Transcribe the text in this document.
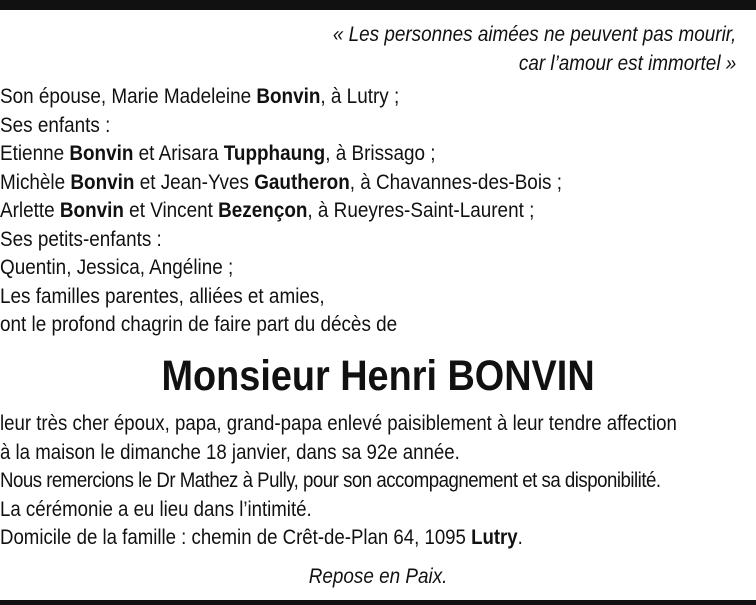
« Les personnes aimées ne peuvent pas mourir,
car l’amour est immortel »
Son épouse, Marie Madeleine Bonvin, à Lutry ;
Ses enfants :
Etienne Bonvin et Arisara Tupphaung, à Brissago ;
Michèle Bonvin et Jean-Yves Gautheron, à Chavannes-des-Bois ;
Arlette Bonvin et Vincent Bezençon, à Rueyres-Saint-Laurent ;
Ses petits-enfants :
Quentin, Jessica, Angéline ;
Les familles parentes, alliées et amies,
ont le profond chagrin de faire part du décès de
Monsieur Henri BONVIN
leur très cher époux, papa, grand-papa enlevé paisiblement à leur tendre affection
à la maison le dimanche 18 janvier, dans sa 92e année.
Nous remercions le Dr Mathez à Pully, pour son accompagnement et sa disponibilité.
La cérémonie a eu lieu dans l’intimité.
Domicile de la famille : chemin de Crêt-de-Plan 64, 1095 Lutry.
Repose en Paix.
